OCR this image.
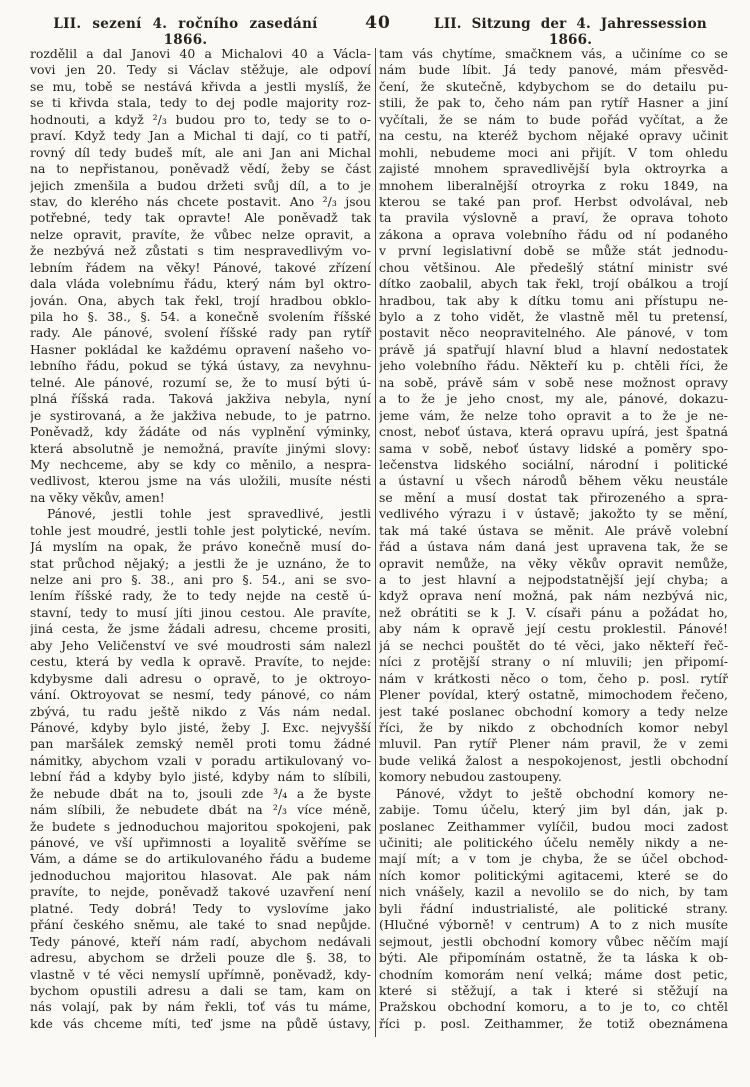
LII. sezení 4. ročního zasedání 1866.
40	LII. Sitzung der 4. Jahressession 1866.
rozdělil a dal Janovi 40 a Michalovi 40 a Václa-
vovi jen 20. Tedy si Václav stěžuje, ale odpoví
se mu, tobě se nestává křivda a jestli myslíš, že
se ti křivda stala, tedy to dej podle majority roz-
hodnouti, a když ²/₃ budou pro to, tedy se to o-
praví. Když tedy Jan a Michal ti dají, co ti patří,
rovný díl tedy budeš mít, ale ani Jan ani Michal
na to nepřistanou, poněvadž vědí, žeby se část
jejich zmenšila a budou držeti svůj díl, a to je
stav, do klerého nás chcete postavit. Ano ²/₃ jsou
potřebné, tedy tak opravte! Ale poněvadž tak
nelze opravit, pravíte, že vůbec nelze opravit, a
že nezbývá než zůstati s tim nespravedlivým vo-
lebním řádem na věky! Pánové, takové zřízení
dala vláda volebnímu řádu, který nám byl oktro-
jován. Ona, abych tak řekl, trojí hradbou obklo-
pila ho §. 38., §. 54. a konečně svolením říšské
rady. Ale pánové, svolení říšské rady pan rytíř
Hasner pokládal ke každému opravení našeho vo-
lebního řádu, pokud se týká ústavy, za nevyhnu-
telné. Ale pánové, rozumí se, že to musí býti ú-
plná říšská rada. Taková jakživa nebyla, nyní
je systirovaná, a že jakživa nebude, to je patrno.
Poněvadž, kdy žádáte od nás vyplnění výminky,
která absolutně je nemožná, pravíte jinými slovy:
My nechceme, aby se kdy co měnilo, a nespra-
vedlivost, kterou jsme na vás uložili, musíte nésti
na věky věkův, amen!
Pánové, jestli tohle jest spravedlivé, jestli
tohle jest moudré, jestli tohle jest polytické, nevím.
Já myslím na opak, že právo konečně musí do-
stat průchod nějaký; a jestli že je uznáno, že to
nelze ani pro §. 38., ani pro §. 54., ani se svo-
lením říšské rady, že to tedy nejde na cestě ú-
stavní, tedy to musí jíti jinou cestou. Ale pravíte,
jiná cesta, že jsme žádali adresu, chceme prositi,
aby Jeho Veličenství ve své moudrosti sám nalezl
cestu, která by vedla k opravě. Pravíte, to nejde:
kdybysme dali adresu o opravě, to je oktroyo-
vání. Oktroyovat se nesmí, tedy pánové, co nám
zbývá, tu radu ještě nikdo z Vás nám nedal.
Pánové, kdyby bylo jisté, žeby J. Exc. nejvyšší
pan maršálek zemský neměl proti tomu žádné
námitky, abychom vzali v poradu artikulovaný vo-
lební řád a kdyby bylo jisté, kdyby nám to slíbili,
že nebude dbát na to, jsouli zde ³/₄ a že byste
nám slíbili, že nebudete dbát na ²/₃ více méně,
že budete s jednoduchou majoritou spokojeni, pak
pánové, ve vší upřimnosti a loyalitě svěříme se
Vám, a dáme se do artikulovaného řádu a budeme
jednoduchou majoritou hlasovat. Ale pak nám
pravíte, to nejde, poněvadž takové uzavření není
platné. Tedy dobrá! Tedy to vyslovíme jako
přání českého sněmu, ale také to snad nepůjde.
Tedy pánové, kteří nám radí, abychom nedávali
adresu, abychom se drželi pouze dle §. 38, to
vlastně v té věci nemyslí upřímně, poněvadž, kdy-
bychom opustili adresu a dali se tam, kam on
nás volají, pak by nám řekli, toť vás tu máme,
kde vás chceme míti, teď jsme na půdě ústavy,
tam vás chytíme, smačknem vás, a učiníme co se
nám bude líbit. Já tedy panové, mám přesvěd-
čení, že skutečně, kdybychom se do detailu pu-
stili, že pak to, čeho nám pan rytíř Hasner a jiní
vyčítali, že se nám to bude pořád vyčítat, a že
na cestu, na kteréž bychom nějaké opravy učinit
mohli, nebudeme moci ani přijít. V tom ohledu
zajisté mnohem spravedlivější byla oktroyrka a
mnohem liberalnější otroyrka z roku 1849, na
kterou se také pan prof. Herbst odvolával, neb
ta pravila výslovně a praví, že oprava tohoto
zákona a oprava volebního řádu od ní podaného
v první legislativní době se může stát jednodu-
chou většinou. Ale předešlý státní ministr své
dítko zaobalil, abych tak řekl, trojí obálkou a trojí
hradbou, tak aby k dítku tomu ani přístupu ne-
bylo a z toho vidět, že vlastně měl tu pretensí,
postavit něco neopravitelného. Ale pánové, v tom
právě já spatřují hlavní blud a hlavní nedostatek
jeho volebního řádu. Někteří ku p. chtěli říci, že
na sobě, právě sám v sobě nese možnost opravy
a to že je jeho cnost, my ale, pánové, dokazu-
jeme vám, že nelze toho opravit a to že je ne-
cnost, neboť ústava, která opravu upírá, jest špatná
sama v sobě, neboť ústavy lidské a poměry spo-
lečenstva lidského sociální, národní i politické
a ústavní u všech národů během věku neustále
se mění a musí dostat tak přirozeného a spra-
vedlivého výrazu i v ústavě; jakožto ty se mění,
tak má také ústava se měnit. Ale právě volební
řád a ústava nám daná jest upravena tak, že se
opravit nemůže, na věky věkův opravit nemůže,
a to jest hlavní a nejpodstatnější její chyba; a
když oprava není možná, pak nám nezbývá nic,
než obrátiti se k J. V. císaři pánu a požádat ho,
aby nám k opravě její cestu proklestil. Pánové!
já se nechci pouštět do té věci, jako někteří řeč-
níci z protější strany o ní mluvili; jen připomí-
nám v krátkosti něco o tom, čeho p. posl. rytíř
Plener povídal, který ostatně, mimochodem řečeno,
jest také poslanec obchodní komory a tedy nelze
říci, že by nikdo z obchodních komor nebyl
mluvil. Pan rytíř Plener nám pravil, že v zemi
bude veliká žalost a nespokojenost, jestli obchodní
komory nebudou zastoupeny.
Pánové, vždyt to ještě obchodní komory ne-
zabije. Tomu účelu, který jim byl dán, jak p.
poslanec Zeithammer vylíčil, budou moci zadost
učiniti; ale politického účelu neměly nikdy a ne-
mají mít; a v tom je chyba, že se účel obchod-
ních komor politickými agitacemi, které se do
nich vnášely, kazil a nevolilo se do nich, by tam
byli řádní industrialisté, ale politické strany.
(Hlučné výborně! v centrum) A to z nich musíte
sejmout, jestli obchodní komory vůbec něčím mají
býti. Ale připomínám ostatně, že ta láska k ob-
chodním komorám není velká; máme dost petic,
které si stěžují, a tak i které si stěžují na
Pražskou obchodní komoru, a to je to, co chtěl
říci p. posl. Zeithammer, že totiž obeznámena
